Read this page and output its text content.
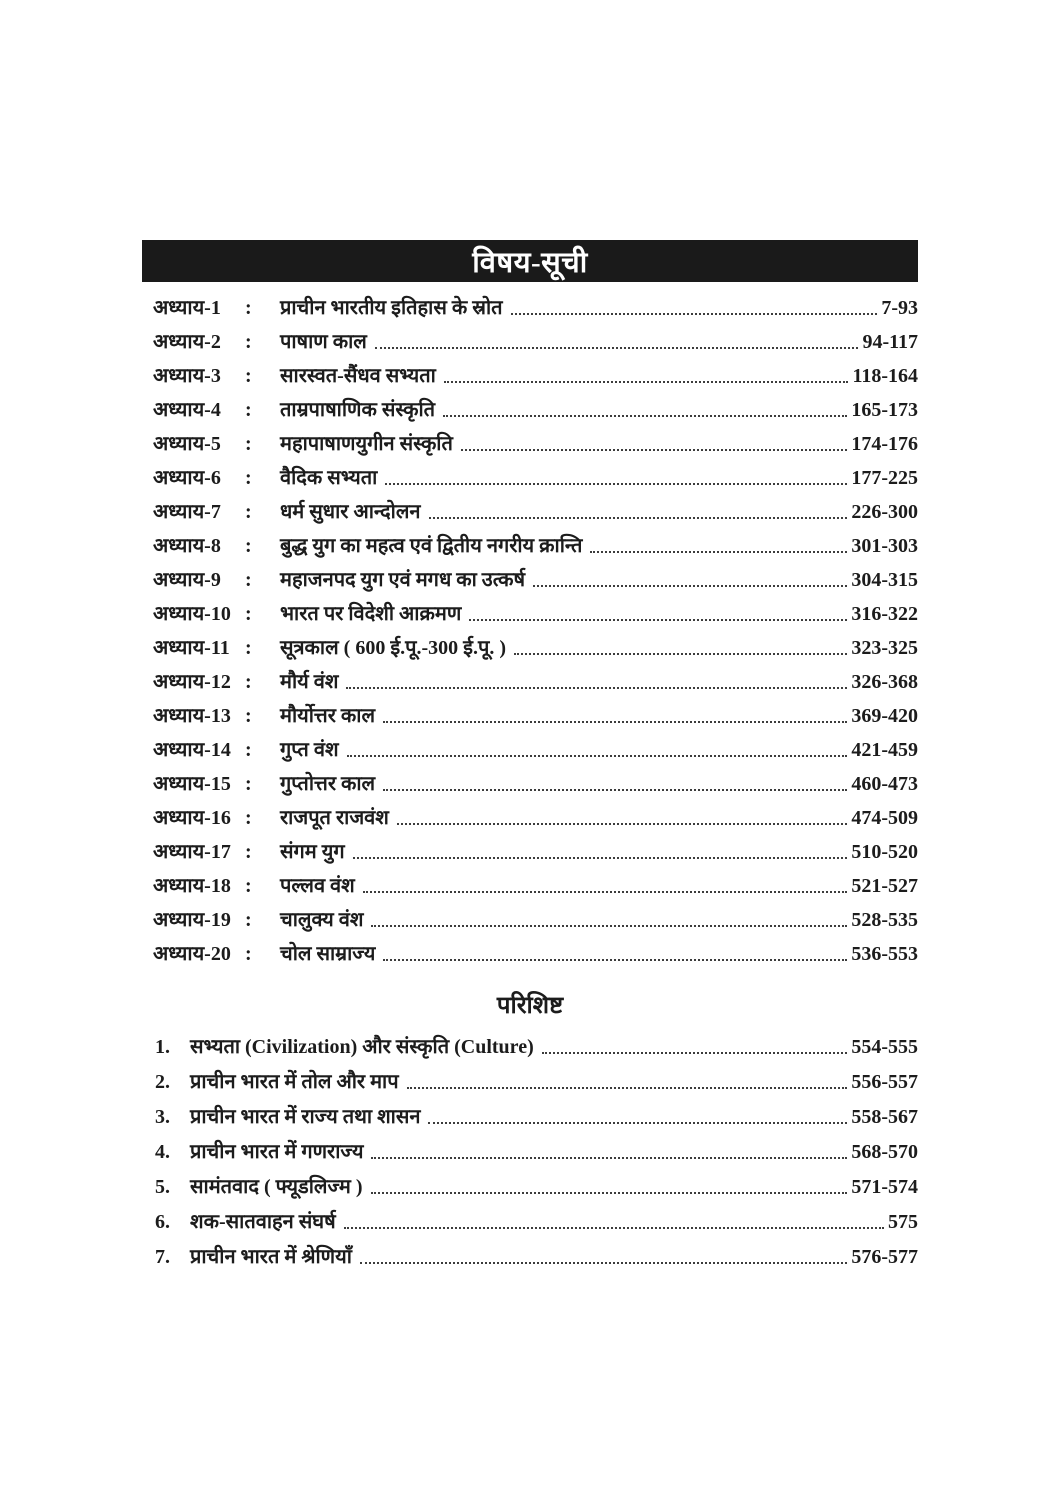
विषय-सूची
अध्याय-1	:	प्राचीन भारतीय इतिहास के स्रोत	7-93
अध्याय-2	:	पाषाण काल	94-117
अध्याय-3	:	सारस्वत-सैंधव सभ्यता	118-164
अध्याय-4	:	ताम्रपाषाणिक संस्कृति	165-173
अध्याय-5	:	महापाषाणयुगीन संस्कृति	174-176
अध्याय-6	:	वैदिक सभ्यता	177-225
अध्याय-7	:	धर्म सुधार आन्दोलन	226-300
अध्याय-8	:	बुद्ध युग का महत्व एवं द्वितीय नगरीय क्रान्ति	301-303
अध्याय-9	:	महाजनपद युग एवं मगध का उत्कर्ष	304-315
अध्याय-10 :	भारत पर विदेशी आक्रमण	316-322
अध्याय-11 :	सूत्रकाल ( 600 ई.पू.-300 ई.पू. )	323-325
अध्याय-12 :	मौर्य वंश	326-368
अध्याय-13 :	मौर्योत्तर काल	369-420
अध्याय-14 :	गुप्त वंश	421-459
अध्याय-15 :	गुप्तोत्तर काल	460-473
अध्याय-16 :	राजपूत राजवंश	474-509
अध्याय-17 :	संगम युग	510-520
अध्याय-18 :	पल्लव वंश	521-527
अध्याय-19 :	चालुक्य वंश	528-535
अध्याय-20 :	चोल साम्राज्य	536-553
परिशिष्ट
1.	सभ्यता (Civilization) और संस्कृति (Culture)	554-555
2.	प्राचीन भारत में तोल और माप	556-557
3.	प्राचीन भारत में राज्य तथा शासन	558-567
4.	प्राचीन भारत में गणराज्य	568-570
5.	सामंतवाद ( फ्यूडलिज्म )	571-574
6.	शक-सातवाहन संघर्ष	575
7.	प्राचीन भारत में श्रेणियाँ	576-577
